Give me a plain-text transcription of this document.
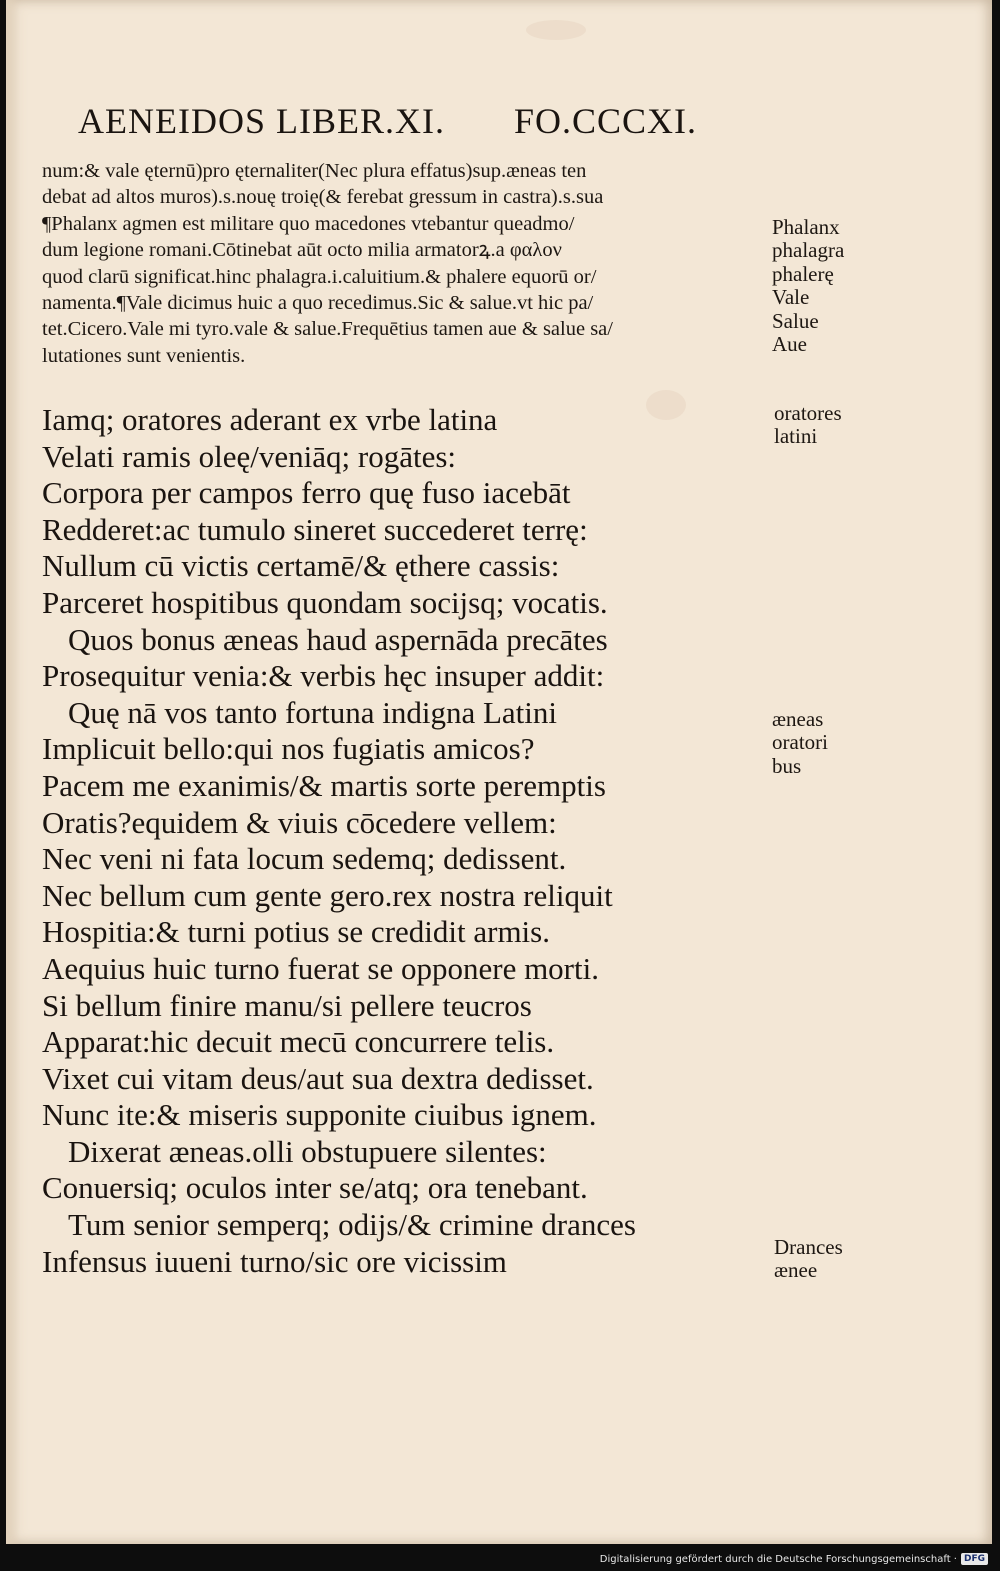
AENEIDOS LIBER.XI. FO.CCCXI.
num:& vale ęternū)pro ęternaliter(Nec plura effatus)sup.æneas ten
debat ad altos muros).s.nouę troię(& ferebat gressum in castra).s.sua
¶Phalanx agmen est militare quo macedones vtebantur queadmo/
dum legione romani.Cōtinebat aūt octo milia armatorꝝ.a φαλον
quod clarū significat.hinc phalagra.i.caluitium.& phalere equorū or/
namenta.¶Vale dicimus huic a quo recedimus.Sic & salue.vt hic pa/
tet.Cicero.Vale mi tyro.vale & salue.Frequētius tamen aue & salue sa/
lutationes sunt venientis.
Iamq; oratores aderant ex vrbe latina
Velati ramis oleę/veniāq; rogātes:
Corpora per campos ferro quę fuso iacebāt
Redderet:ac tumulo sineret succederet terrę:
Nullum cū victis certamē/& ęthere cassis:
Parceret hospitibus quondam socijsq; vocatis.
Quos bonus æneas haud aspernāda precātes
Prosequitur venia:& verbis hęc insuper addit:
Quę nā vos tanto fortuna indigna Latini
Implicuit bello:qui nos fugiatis amicos?
Pacem me exanimis/& martis sorte peremptis
Oratis?equidem & viuis cōcedere vellem:
Nec veni ni fata locum sedemq; dedissent.
Nec bellum cum gente gero.rex nostra reliquit
Hospitia:& turni potius se credidit armis.
Aequius huic turno fuerat se opponere morti.
Si bellum finire manu/si pellere teucros
Apparat:hic decuit mecū concurrere telis.
Vixet cui vitam deus/aut sua dextra dedisset.
Nunc ite:& miseris supponite ciuibus ignem.
Dixerat æneas.olli obstupuere silentes:
Conuersiq; oculos inter se/atq; ora tenebant.
Tum senior semperq; odijs/& crimine drances
Infensus iuueni turno/sic ore vicissim
Phalanx
phalagra
phalerę
Vale
Salue
Aue
oratores
latini
æneas
oratori
bus
Drances
ænee
Digitalisierung gefördert durch die Deutsche Forschungsgemeinschaft · DFG
